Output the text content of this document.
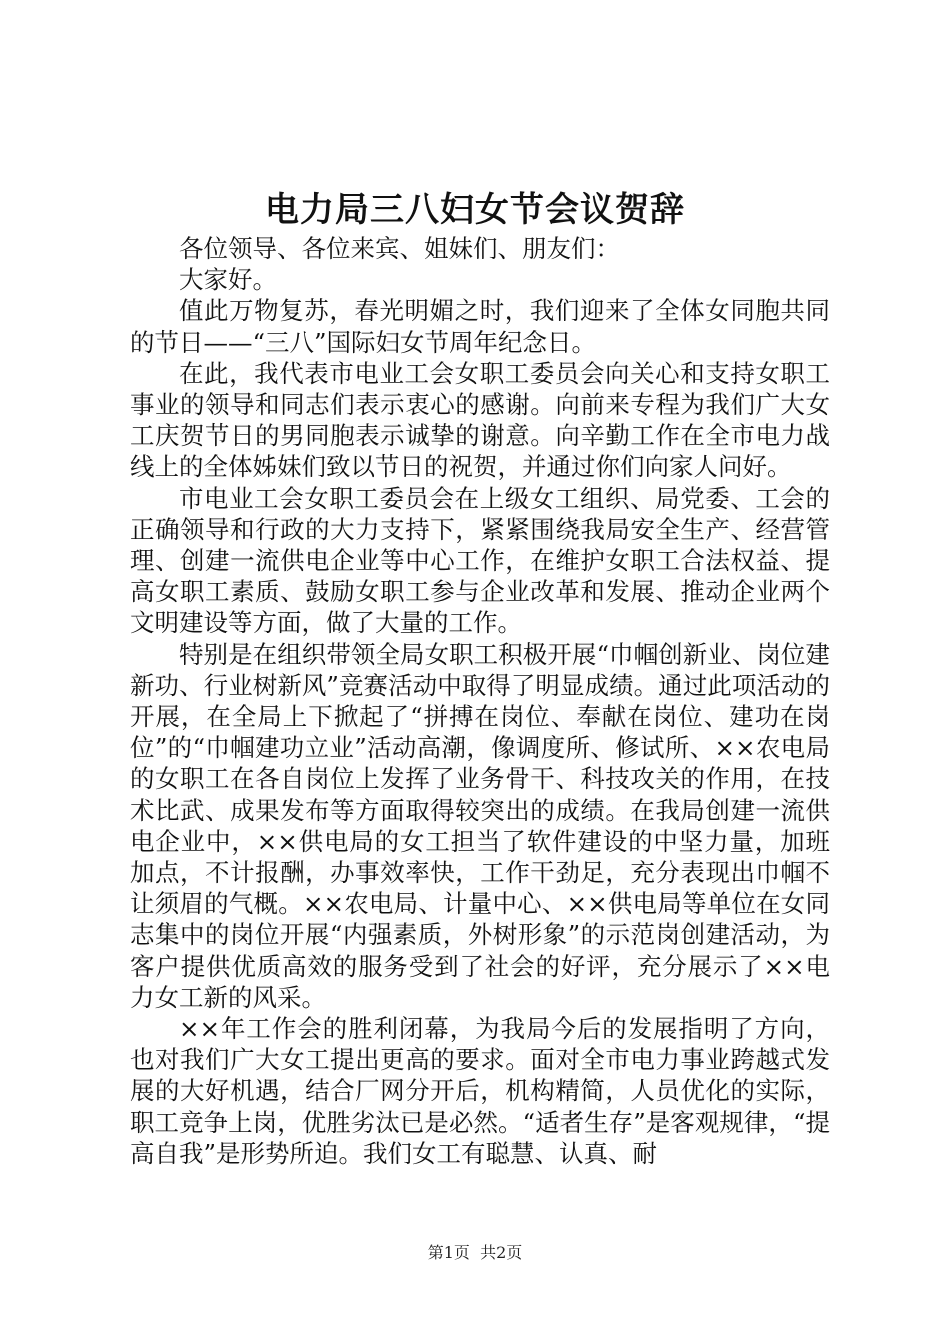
电力局三八妇女节会议贺辞

各位领导、各位来宾、姐妹们、朋友们：

大家好。

值此万物复苏，春光明媚之时，我们迎来了全体女同胞共同的节日——“三八”国际妇女节周年纪念日。

在此，我代表市电业工会女职工委员会向关心和支持女职工事业的领导和同志们表示衷心的感谢。向前来专程为我们广大女工庆贺节日的男同胞表示诚挚的谢意。向辛勤工作在全市电力战线上的全体姊妹们致以节日的祝贺，并通过你们向家人问好。

市电业工会女职工委员会在上级女工组织、局党委、工会的正确领导和行政的大力支持下，紧紧围绕我局安全生产、经营管理、创建一流供电企业等中心工作，在维护女职工合法权益、提高女职工素质、鼓励女职工参与企业改革和发展、推动企业两个文明建设等方面，做了大量的工作。

特别是在组织带领全局女职工积极开展“巾帼创新业、岗位建新功、行业树新风”竞赛活动中取得了明显成绩。通过此项活动的开展，在全局上下掀起了“拼搏在岗位、奉献在岗位、建功在岗位”的“巾帼建功立业”活动高潮，像调度所、修试所、××农电局的女职工在各自岗位上发挥了业务骨干、科技攻关的作用，在技术比武、成果发布等方面取得较突出的成绩。在我局创建一流供电企业中，××供电局的女工担当了软件建设的中坚力量，加班加点，不计报酬，办事效率快，工作干劲足，充分表现出巾帼不让须眉的气概。××农电局、计量中心、××供电局等单位在女同志集中的岗位开展“内强素质，外树形象”的示范岗创建活动，为客户提供优质高效的服务受到了社会的好评，充分展示了××电力女工新的风采。

××年工作会的胜利闭幕，为我局今后的发展指明了方向，也对我们广大女工提出更高的要求。面对全市电力事业跨越式发展的大好机遇，结合厂网分开后，机构精简，人员优化的实际，职工竞争上岗，优胜劣汰已是必然。“适者生存”是客观规律，“提高自我”是形势所迫。我们女工有聪慧、认真、耐

第1页  共2页
